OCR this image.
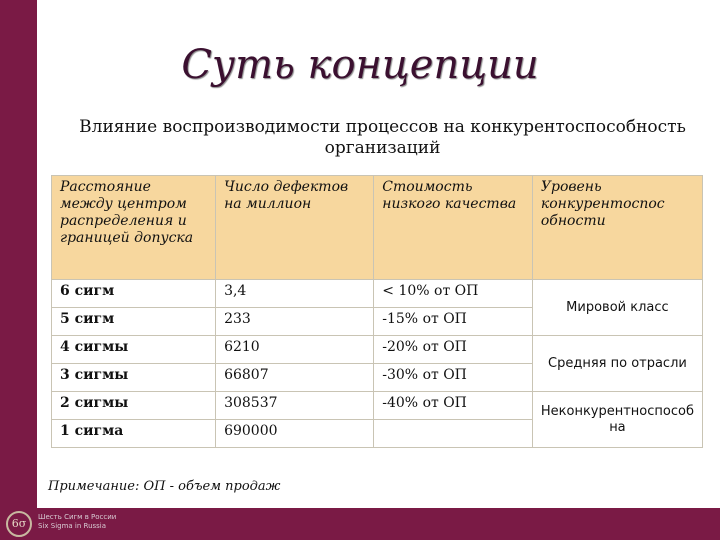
6σ	Шесть Сигм в России
Six Sigma in Russia
Суть концепции
Влияние воспроизводимости процессов на конкурентоспособность организаций
Расстояние между центром распределения и границей допуска	Число дефектов на миллион	Стоимость низкого качества	Уровень конкурентоспос обности
6 сигм	3,4	< 10% от ОП	Мировой класс
5 сигм	233	-15% от ОП	
4 сигмы	6210	-20% от ОП	Средняя по отрасли
3 сигмы	66807	-30% от ОП	
2 сигмы	308537	-40% от ОП	Неконкурентноспособ на
1 сигма	690000		
Примечание: ОП - объем продаж
